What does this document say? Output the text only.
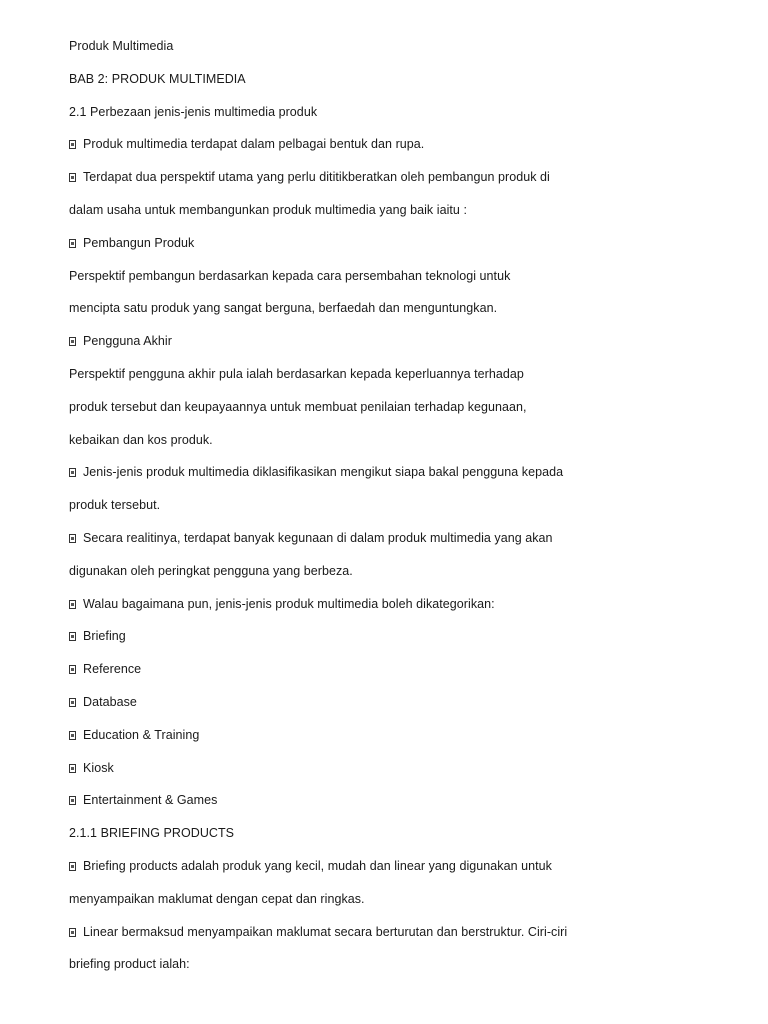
Produk Multimedia
BAB 2: PRODUK MULTIMEDIA
2.1 Perbezaan jenis-jenis multimedia produk
Produk multimedia terdapat dalam pelbagai bentuk dan rupa.
Terdapat dua perspektif utama yang perlu dititikberatkan oleh pembangun produk di
dalam usaha untuk membangunkan produk multimedia yang baik iaitu :
Pembangun Produk
Perspektif pembangun berdasarkan kepada cara persembahan teknologi untuk
mencipta satu produk yang sangat berguna, berfaedah dan menguntungkan.
Pengguna Akhir
Perspektif pengguna akhir pula ialah berdasarkan kepada keperluannya terhadap
produk tersebut dan keupayaannya untuk membuat penilaian terhadap kegunaan,
kebaikan dan kos produk.
Jenis-jenis produk multimedia diklasifikasikan mengikut siapa bakal pengguna kepada
produk tersebut.
Secara realitinya, terdapat banyak kegunaan di dalam produk multimedia yang akan
digunakan oleh peringkat pengguna yang berbeza.
Walau bagaimana pun, jenis-jenis produk multimedia boleh dikategorikan:
Briefing
Reference
Database
Education & Training
Kiosk
Entertainment & Games
2.1.1 BRIEFING PRODUCTS
Briefing products adalah produk yang kecil, mudah dan linear yang digunakan untuk
menyampaikan maklumat dengan cepat dan ringkas.
Linear bermaksud menyampaikan maklumat secara berturutan dan berstruktur. Ciri-ciri
briefing product ialah:
